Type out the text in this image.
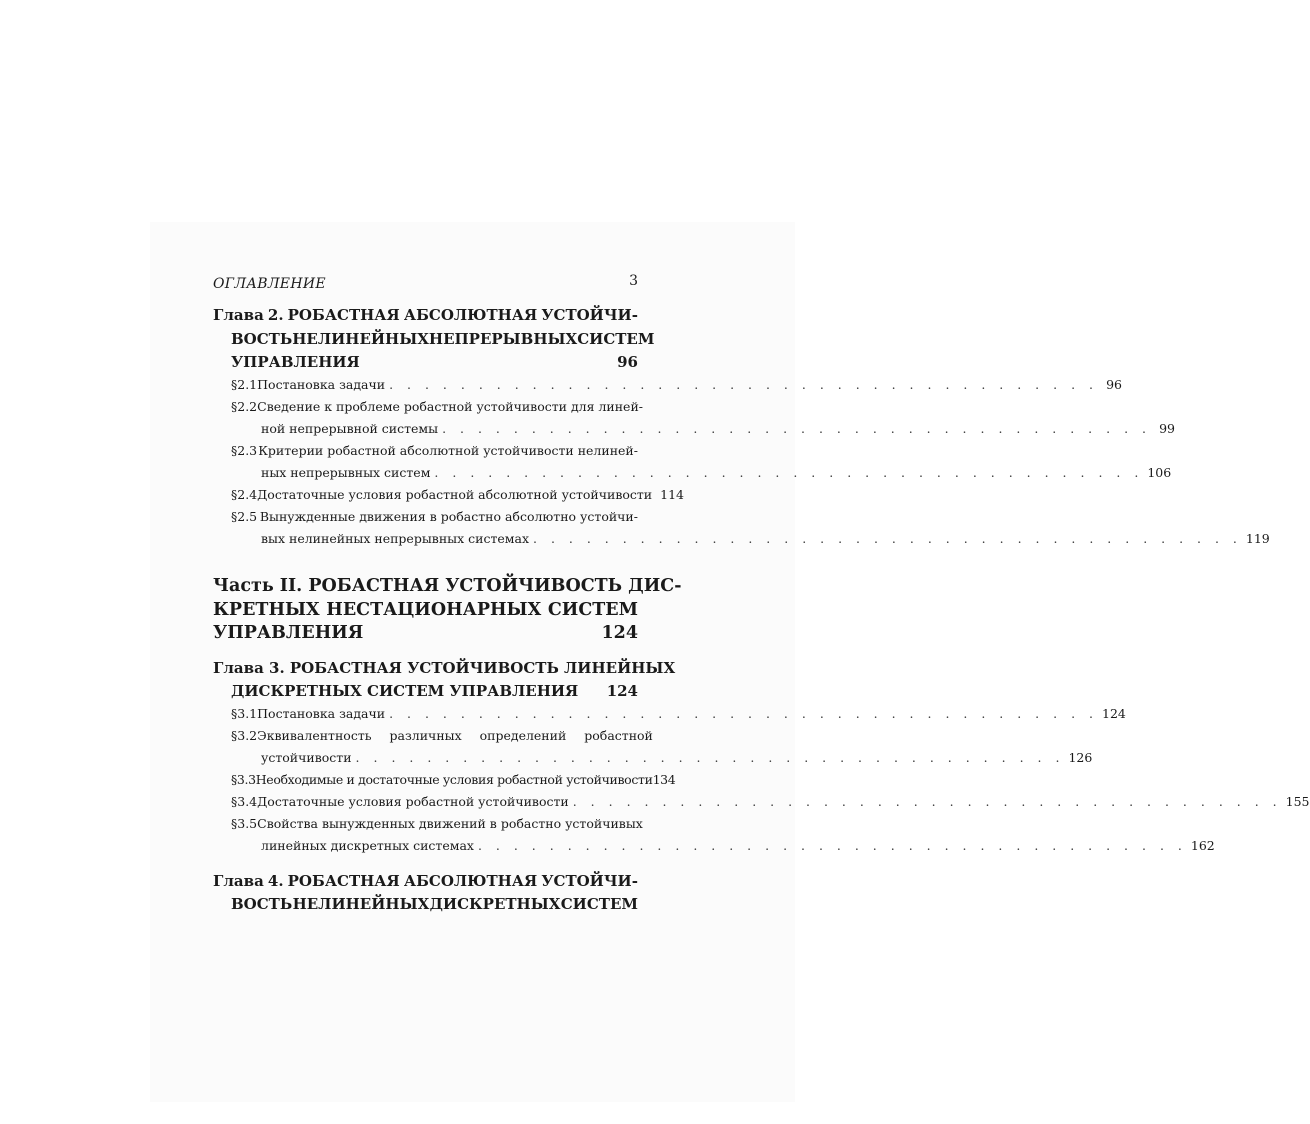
ОГЛАВЛЕНИЕ	3
Глава 2. РОБАСТНАЯ АБСОЛЮТНАЯ УСТОЙЧИ-
ВОСТЬ НЕЛИНЕЙНЫХ НЕПРЕРЫВНЫХ СИСТЕМ
УПРАВЛЕНИЯ	96
§2.1 Постановка задачи . . . . . . . . . . . . . . . . . . . . . . . . . . . . . . . . . . . . . . . . 96
§2.2 Сведение к проблеме робастной устойчивости для линей-
ной непрерывной системы . . . . . . . . . . . . . . . . . . . . . . . . . . . . . . . . . . . . . . . . 99
§2.3 Критерии робастной абсолютной устойчивости нелиней-
ных непрерывных систем . . . . . . . . . . . . . . . . . . . . . . . . . . . . . . . . . . . . . . . . 106
§2.4 Достаточные условия робастной абсолютной устойчивости 114
§2.5 Вынужденные движения в робастно абсолютно устойчи-
вых нелинейных непрерывных системах . . . . . . . . . . . . . . . . . . . . . . . . . . . . . . . . . . . . . . . . 119
Часть II. РОБАСТНАЯ УСТОЙЧИВОСТЬ ДИС-
КРЕТНЫХ НЕСТАЦИОНАРНЫХ СИСТЕМ
УПРАВЛЕНИЯ	124
Глава 3. РОБАСТНАЯ УСТОЙЧИВОСТЬ ЛИНЕЙНЫХ
ДИСКРЕТНЫХ СИСТЕМ УПРАВЛЕНИЯ 124
§3.1 Постановка задачи . . . . . . . . . . . . . . . . . . . . . . . . . . . . . . . . . . . . . . . . 124
§3.2 Эквивалентность различных определений робастной
устойчивости . . . . . . . . . . . . . . . . . . . . . . . . . . . . . . . . . . . . . . . . 126
§3.3 Необходимые и достаточные условия робастной устойчивости 134
§3.4 Достаточные условия робастной устойчивости . . . . . . . . . . . . . . . . . . . . . . . . . . . . . . . . . . . . . . . . 155
§3.5 Свойства вынужденных движений в робастно устойчивых
линейных дискретных системах . . . . . . . . . . . . . . . . . . . . . . . . . . . . . . . . . . . . . . . . 162
Глава 4. РОБАСТНАЯ АБСОЛЮТНАЯ УСТОЙЧИ-
ВОСТЬ НЕЛИНЕЙНЫХ ДИСКРЕТНЫХ СИСТЕМ
